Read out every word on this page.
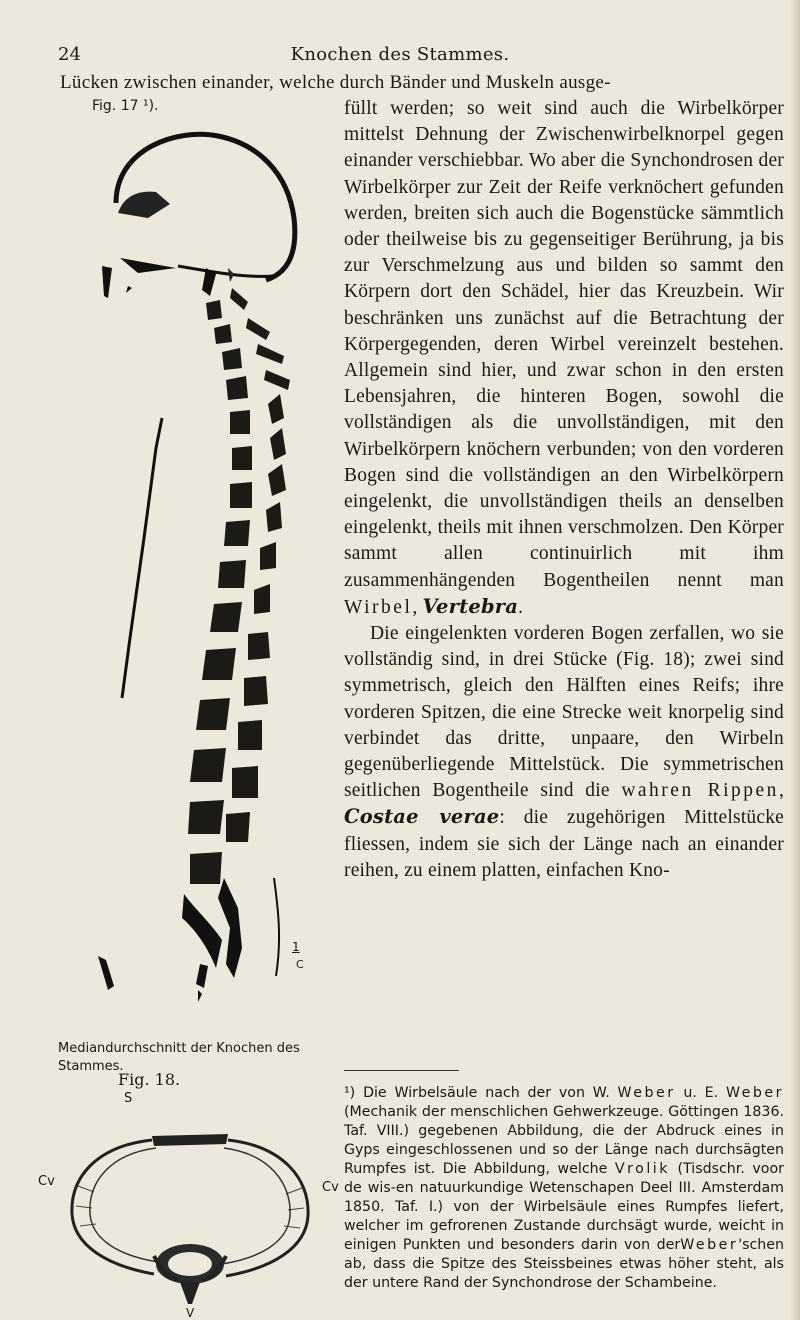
24	Knochen des Stammes.
Lücken zwischen einander, welche durch Bänder und Muskeln ausge-
Fig. 17 ¹).
1
C
Mediandurchschnitt der Knochen des Stammes.

füllt werden; so weit sind auch die Wirbelkörper mittelst Dehnung der Zwischenwirbelknorpel gegen einander verschiebbar. Wo aber die Synchondrosen der Wirbelkörper zur Zeit der Reife verknöchert gefunden werden, breiten sich auch die Bogenstücke sämmtlich oder theilweise bis zu gegenseitiger Berührung, ja bis zur Verschmelzung aus und bilden so sammt den Körpern dort den Schädel, hier das Kreuzbein. Wir beschränken uns zunächst auf die Betrachtung der Körpergegenden, deren Wirbel vereinzelt bestehen. Allgemein sind hier, und zwar schon in den ersten Lebensjahren, die hinteren Bogen, sowohl die vollständigen als die unvollständigen, mit den Wirbelkörpern knöchern verbunden; von den vorderen Bogen sind die vollständigen an den Wirbelkörpern eingelenkt, die unvollständigen theils an denselben eingelenkt, theils mit ihnen verschmolzen. Den Körper sammt allen continuirlich mit ihm zusammenhängenden Bogentheilen nennt man Wirbel, Vertebra.

Die eingelenkten vorderen Bogen zerfallen, wo sie vollständig sind, in drei Stücke (Fig. 18); zwei sind symmetrisch, gleich den Hälften eines Reifs; ihre vorderen Spitzen, die eine Strecke weit knorpelig sind verbindet das dritte, unpaare, den Wirbeln gegenüberliegende Mittelstück. Die symmetrischen seitlichen Bogentheile sind die wahren Rippen, Costae verae: die zugehörigen Mittelstücke fliessen, indem sie sich der Länge nach an einander reihen, zu einem platten, einfachen Kno-

¹) Die Wirbelsäule nach der von W. Weber u. E. Weber (Mechanik der menschlichen Gehwerkzeuge. Göttingen 1836. Taf. VIII.) gegebenen Abbildung, die der Abdruck eines in Gyps eingeschlossenen und so der Länge nach durchsägten Rumpfes ist. Die Abbildung, welche Vrolik (Tisdschr. voor de wis-en natuurkundige Wetenschapen Deel III. Amsterdam 1850. Taf. I.) von der Wirbelsäule eines Rumpfes liefert, welcher im gefrorenen Zustande durchsägt wurde, weicht in einigen Punkten und besonders darin von derWeber'schen ab, dass die Spitze des Steissbeines etwas höher steht, als der untere Rand der Synchondrose der Schambeine.
Fig. 18.
S
Cv	Cv
V
